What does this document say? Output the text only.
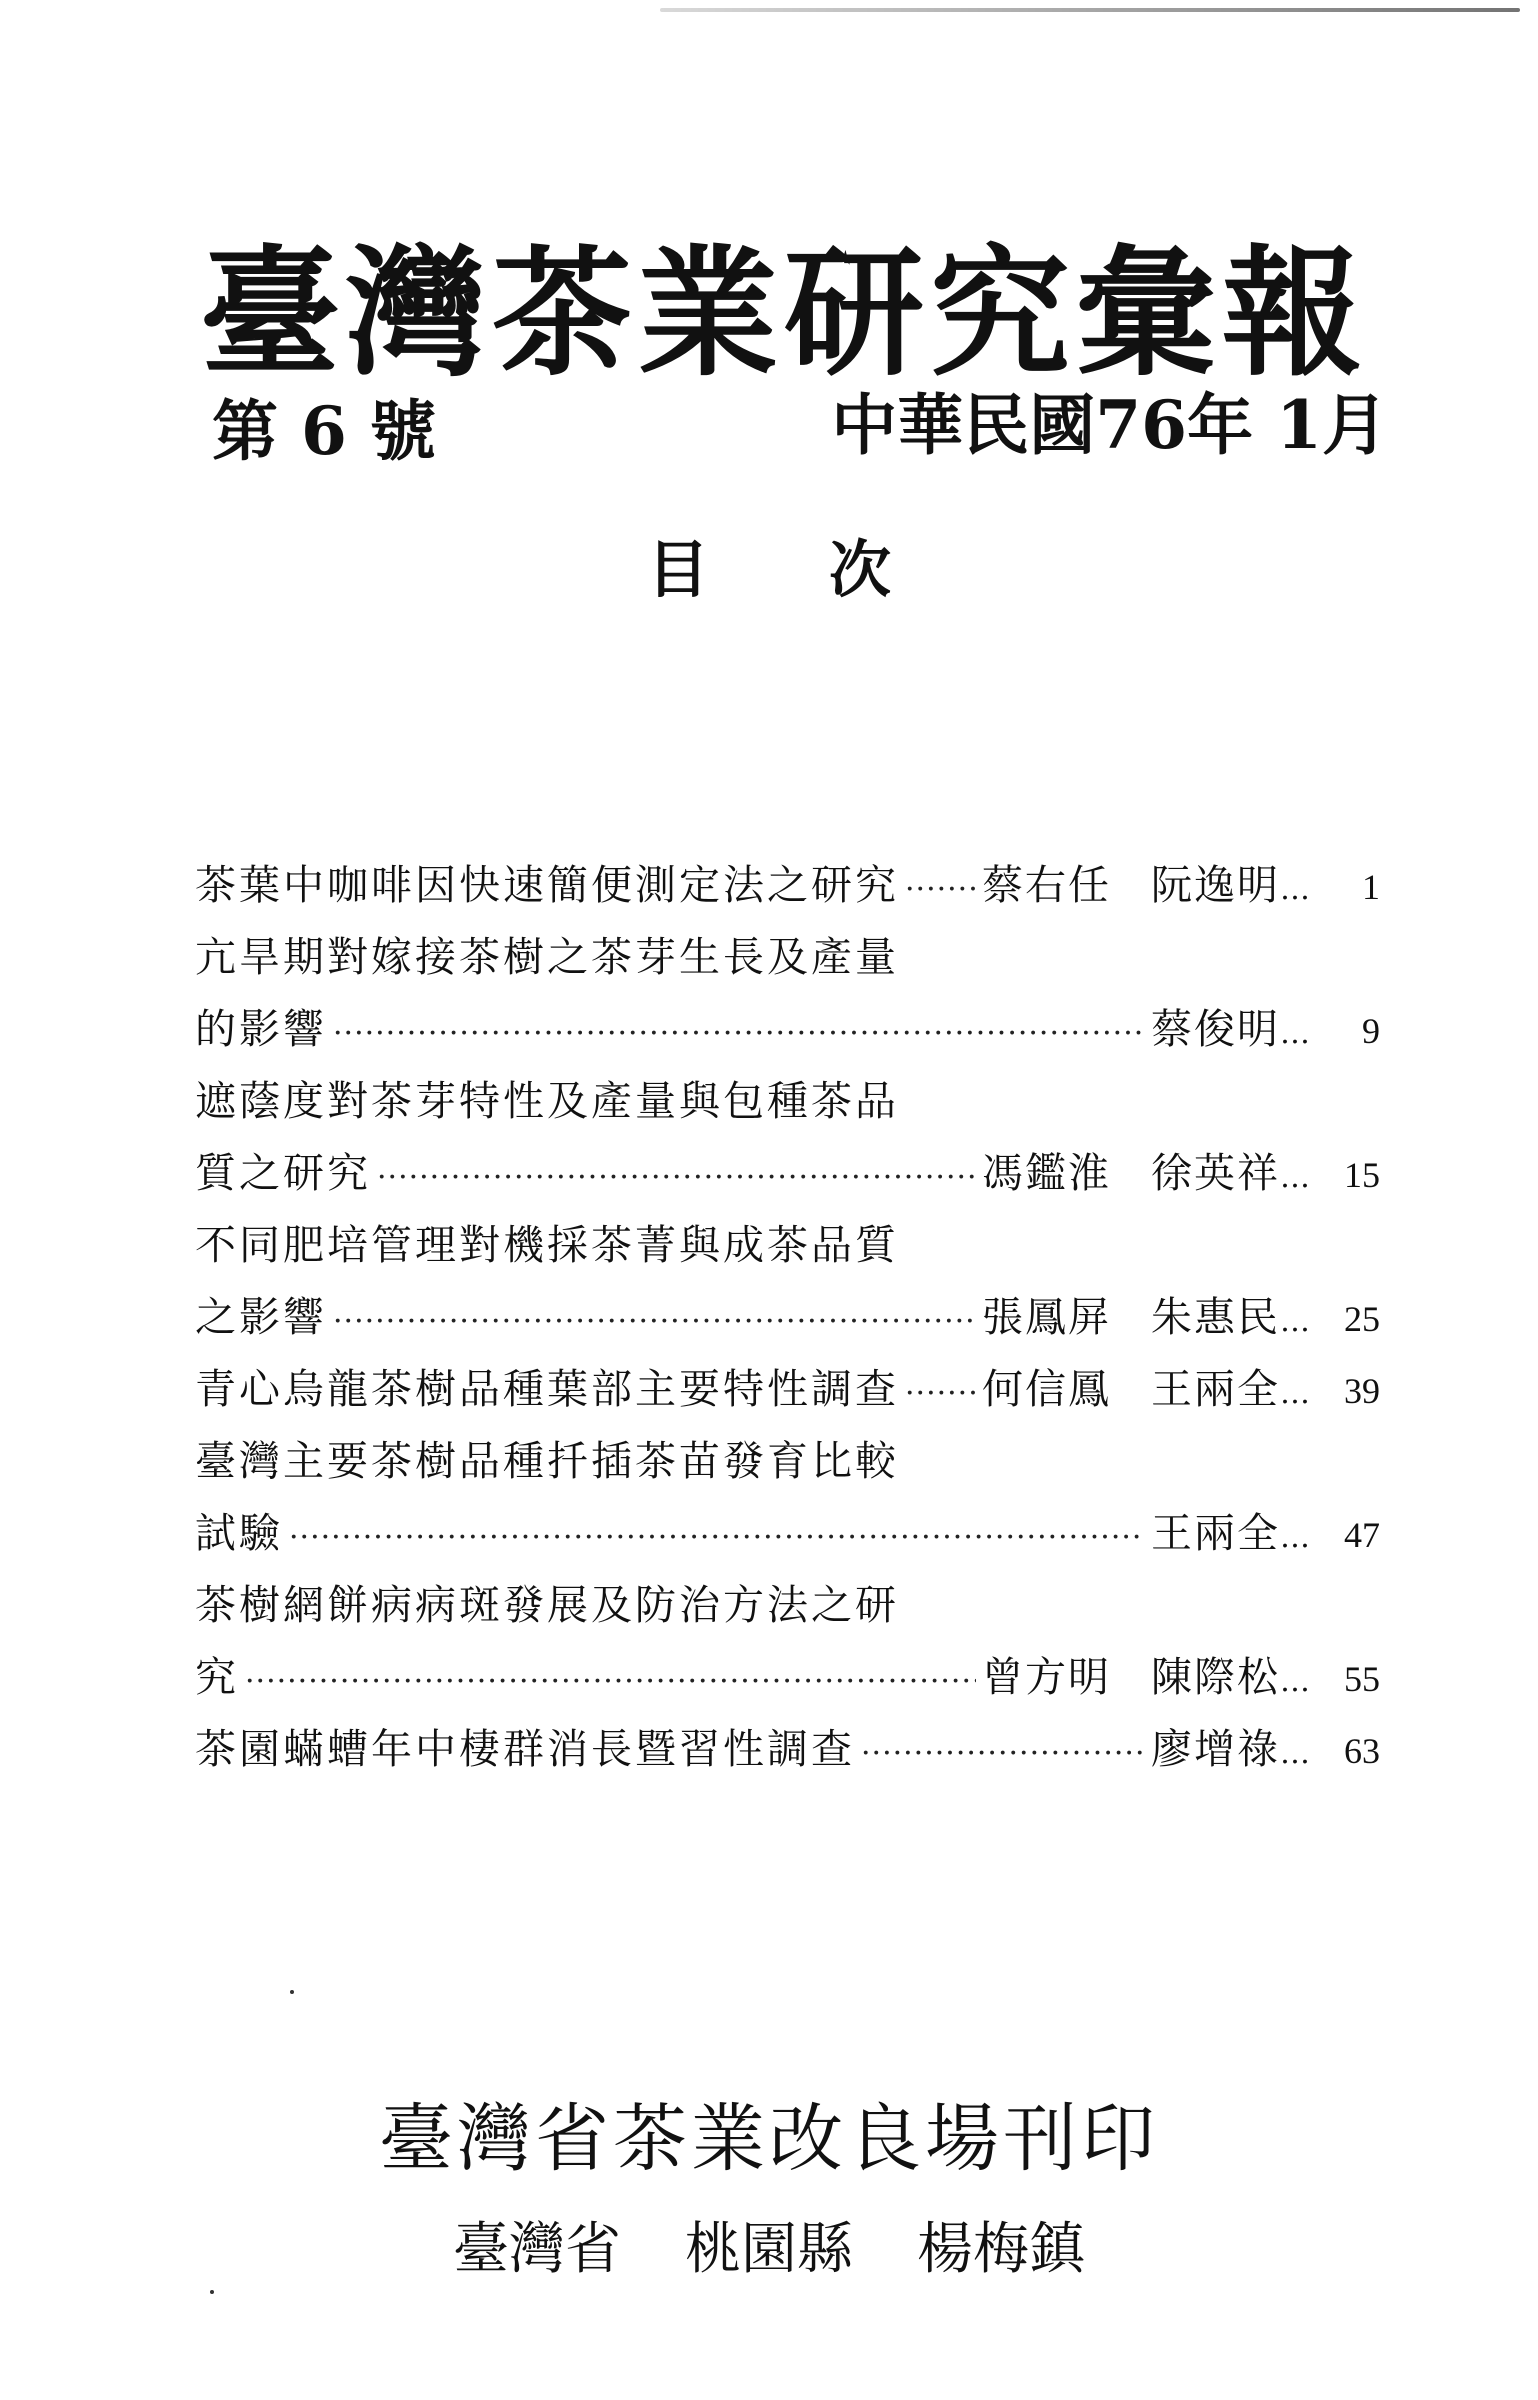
臺灣茶業研究彙報
第 6 號	中華民國76年 1月
目次
茶葉中咖啡因快速簡便測定法之研究 ····· 蔡右任 阮逸明 …	1
亢旱期對嫁接茶樹之茶芽生長及產量
的影響 ·····	蔡俊明 …	9
遮蔭度對茶芽特性及產量與包種茶品
質之研究 ·····	馮鑑淮 徐英祥 … 15
不同肥培管理對機採茶菁與成茶品質
之影響 ·····	張鳳屏 朱惠民 … 25
青心烏龍茶樹品種葉部主要特性調查 ····· 何信鳳 王兩全 … 39
臺灣主要茶樹品種扦插茶苗發育比較
試驗 ·····	王兩全 … 47
茶樹網餅病病斑發展及防治方法之研
究 ·····	曾方明 陳際松 … 55
茶園蟎螬年中棲群消長暨習性調查 ·····	廖增祿 … 63
臺灣省茶業改良場刊印
臺灣省 桃園縣 楊梅鎮
